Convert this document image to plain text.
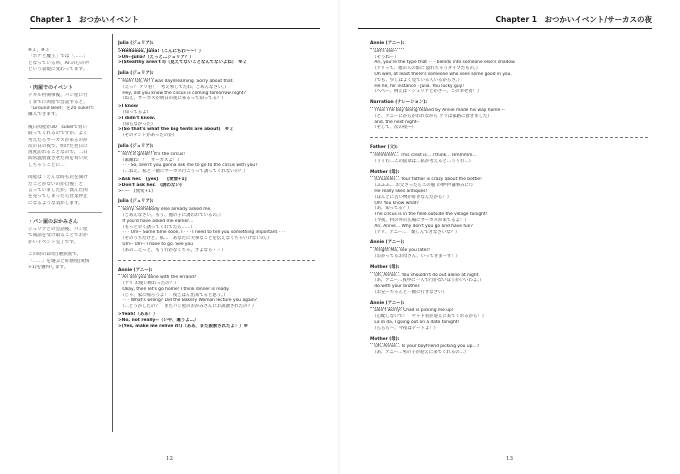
Chapter 1　おつかいイベント
※２、※３
「ポケと魔王」では「……」
となっている所、Ar.の心の声
という表現に変わってます。
・肉屋でのイベント
テキル村関事後、パン屋に行
くまでに肉屋で会話すると、
「Ground Beef」を20 sukelで
購入できます。

後日肉屋が30　sukelで買い
取ってくれるのですが、よく
考えたらサーカスが来るのが
次の日の夜で、明けた翌日に
再度訪れることなので、二日
間常温放置させた肉を買い戻
しちゃうことに…

肉屋は「どんな時も店を開け
たことがないのが自慢」と
言っていましたが、僕んだ肉
を売ってしまったら営業停止
になるような気がします。
・パン屋のおかみさん
ジュリアとの会話後、パン屋
で商品を受け取ることでおか
かいイベント完了です。

この時の1回目選択肢で、
「……」を選ぶと好感度[愛情
+1]を獲得します。
Julia (ジュリア):
>Helloooo, Julia!（こんにちわ～～！）
>Uh--Julia?（えっと…ジュリア？）
>(Stealthy aren't I)（見えてないことなんてないよね）　※２
Julia (ジュリア):
　Huh? Oh, Ar! I was daydreaming. Sorry about that.
　（えっ？ アリ君！　考え事してたわ。ごめんなさい。）
　Hey, did you know the circus is coming tomorrow night?
　（ねえ、サーカスが明日の夜に来るって知ってる？）
>I know
　（知ってるよ）
>I didn't know.
　（知らなかった）
>(So that's what the big tents are about)　※２
　（そのテントがあったのか）
Julia (ジュリア):
　Isn't it great!! It's the circus!
　（素敵ね！！　サーカスよ！）
　· · · So, aren't you gonna ask me to go to the circus with you?
　（…ねえ、私と一緒にサーカス行こうって誘ってくれないの？）
>Ask her.　[yes]　　[愛情+1]
>Don't ask her.　(誘わない)
>-----　[無愛+1]
Julia (ジュリア):
　Sorry. Somebody else already asked me.
　（ごめんなさい。もう、他の子に誘われているの。）
　If you'd have asked me earlier…
　（もっと早く誘ってくれてたら……）
　· · · Um-- Some time soon, I · · · I need to tell you something important · · ·
　（そのうちだけど、私…　あなたに大事なことを伝えなくちゃいけないの。）
　Um-- Um-- I have to go. See you
　（あの…えっと、もう行かなくちゃ。さよなら・・）
Annie (アニー):
　Ari are you done with the errand?
　（アリ お使い終わったの？）
　Okay, then let's go home! I think dinner is ready.
　（じゃ、家に帰ろうよ！　夜ごはん出来てると思う。）
　· · · What's wrong? Did the Bakery Woman lecture you again?
　（…どうかしたの？　またパン屋のおかみさんにお説教されたの？）
>Yeah!（ああ！）
>No, not really--（いや、違うよ…）
>(Yes, make me relive it!)（ああ、また説教されたよ！）※
12
Chapter 1　おつかいイベント/サーカスの夜
Annie (アニー):
　Let's see--
　（そうねー）
　Ari, you're the type that · · · blends into someone else's shadow.
　（アリって、他の人の影に 隠れちゃうタイプだもの。）
　Oh well, at least there's someone who sees some good in you.
　（でも、少しはよく見ている人いるからさ。）
　He he, for instance · Julia. You lucky guy!
　（ヘヘー、例えば・ジュリアとかさー。この幸せ者！）
Narration (ナレーション):
　Thus The boy being teased by Annie made his way home --
　（と、アニーにからかわれながら アリは家路に着きました）
　and, the next night--
　（そして、次の夜―）
Father (父):
　Hmmmm… This crest is… I think… Hmmmm…
　（うぅむ…この紋章は…私が考えると…うぅむ…）
Mother (母):
　(Chuckle)… Your father is crazy about the bottle!
　（ふふふ… お父さったらこの瓶 の夢中!蒲事みに!）
　He really likes antiques!
　（ほんとに古い物が好きなんだから！）
　Oh! You know what?
　（あ、知ってる？）
　The circus is in the field outside the village tonight!
　（今夜、村の外の広場にサーカスが来てるよ！）
　Ari, Annie… Why don't you go and have fun?
　（アリ、アニー…　楽しんできなさいな？）
Annie (アニー):
　Alright Ma, see you later!
　（わかってるお母さん、いってきまーす！）
Mother (母):
　Oh, Annie… You shouldn't do out alone at night.
　（あ、アニー…夜中に一人で行かないほうがいいわよ。）
　do with your brother.
　（お兄ーちゃんと一緒に行きなさい）
Annie (アニー):
　Don't worry! Chad is picking me up!
　（心配しないで！　チャド君が迎えに来てくれるから！）
　La di da, I going out on a date tonight!
　（ららら～、今夜はデートよ！）
Mother (母):
　Oh, Annie… Is your boyfriend picking you up…?
　（あ、アニー…男の子が迎えに来てくれるの…）
13
